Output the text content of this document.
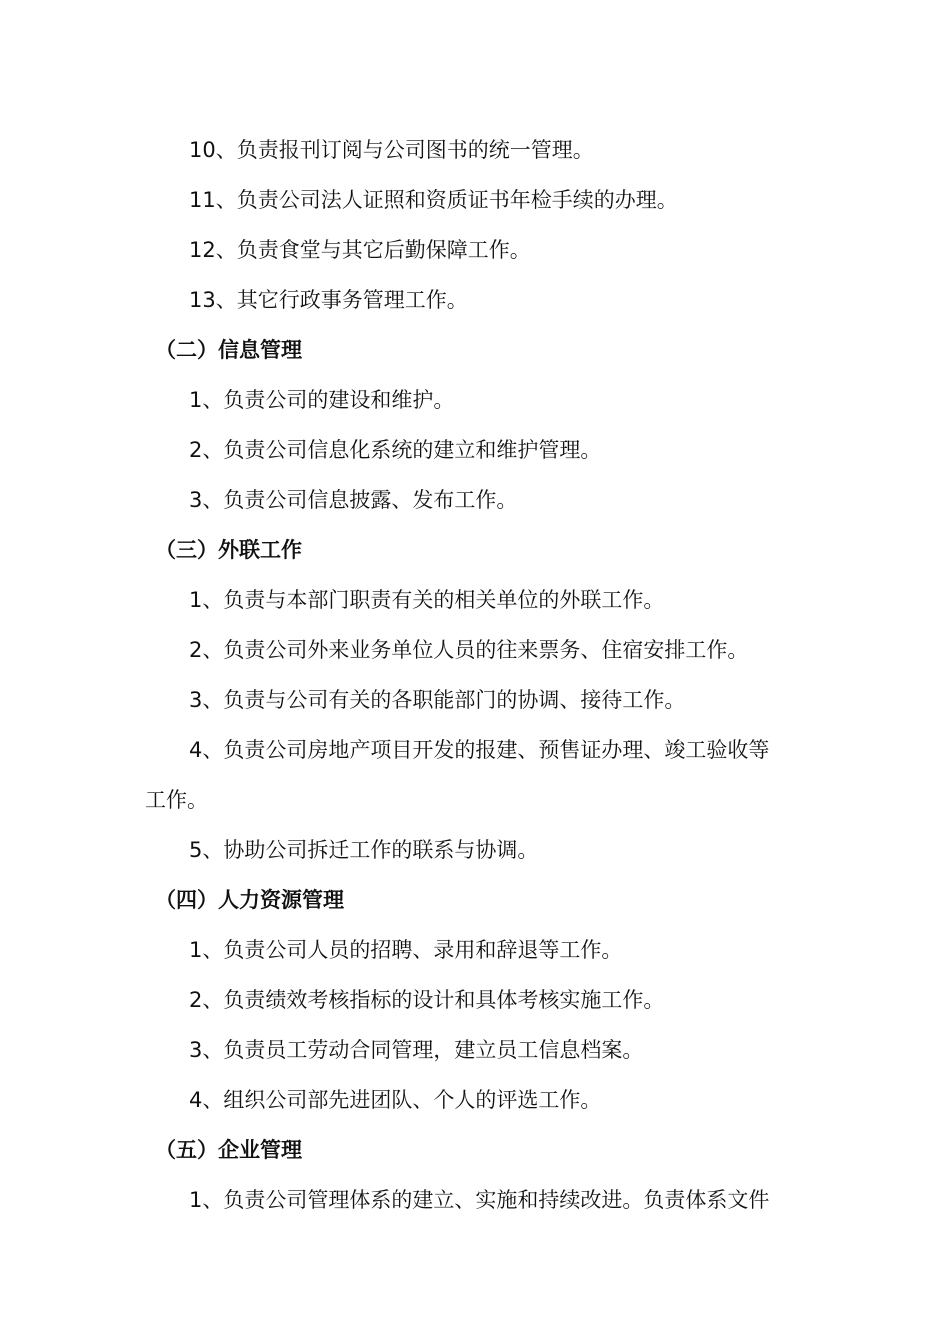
10、负责报刊订阅与公司图书的统一管理。
11、负责公司法人证照和资质证书年检手续的办理。
12、负责食堂与其它后勤保障工作。
13、其它行政事务管理工作。
（二）信息管理
1、负责公司的建设和维护。
2、负责公司信息化系统的建立和维护管理。
3、负责公司信息披露、发布工作。
（三）外联工作
1、负责与本部门职责有关的相关单位的外联工作。
2、负责公司外来业务单位人员的往来票务、住宿安排工作。
3、负责与公司有关的各职能部门的协调、接待工作。
4、负责公司房地产项目开发的报建、预售证办理、竣工验收等
工作。
5、协助公司拆迁工作的联系与协调。
（四）人力资源管理
1、负责公司人员的招聘、录用和辞退等工作。
2、负责绩效考核指标的设计和具体考核实施工作。
3、负责员工劳动合同管理，建立员工信息档案。
4、组织公司部先进团队、个人的评选工作。
（五）企业管理
1、负责公司管理体系的建立、实施和持续改进。负责体系文件
